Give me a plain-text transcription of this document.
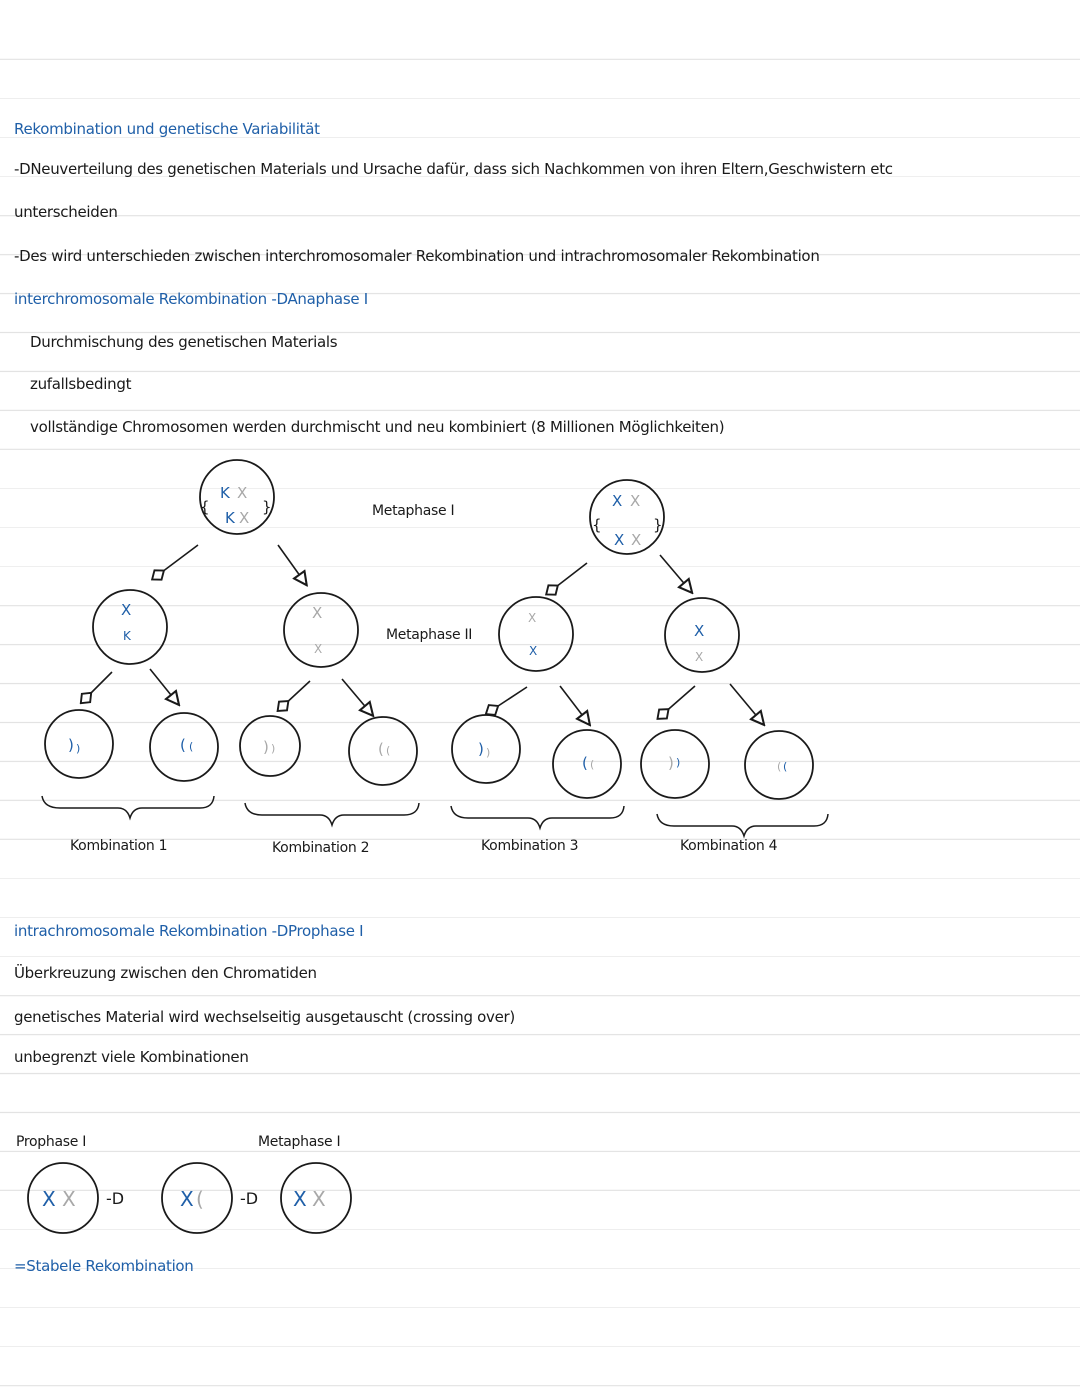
Rekombination und genetische Variabilität

-DNeuverteilung des genetischen Materials und Ursache dafür, dass sich Nachkommen von ihren Eltern,Geschwistern etc

unterscheiden

-Des wird unterschieden zwischen interchromosomaler Rekombination und intrachromosomaler Rekombination

interchromosomale Rekombination -DAnaphase I

Durchmischung des genetischen Materials

zufallsbedingt

vollständige Chromosomen werden durchmischt und neu kombiniert (8 Millionen Möglichkeiten)

K X
K X
{	}	X X
X X
{	}
X
K
X
X
X
X
X
X
) )	( (	) )	( (	) )
( (	) )	( (
Metaphase I
Metaphase II
Kombination 1	Kombination 2	Kombination 3	Kombination 4

intrachromosomale Rekombination -DProphase I

Überkreuzung zwischen den Chromatiden

genetisches Material wird wechselseitig ausgetauscht (crossing over)

unbegrenzt viele Kombinationen

Prophase I	Metaphase I
X X	X (	X X
-D	-D

=Stabele Rekombination
